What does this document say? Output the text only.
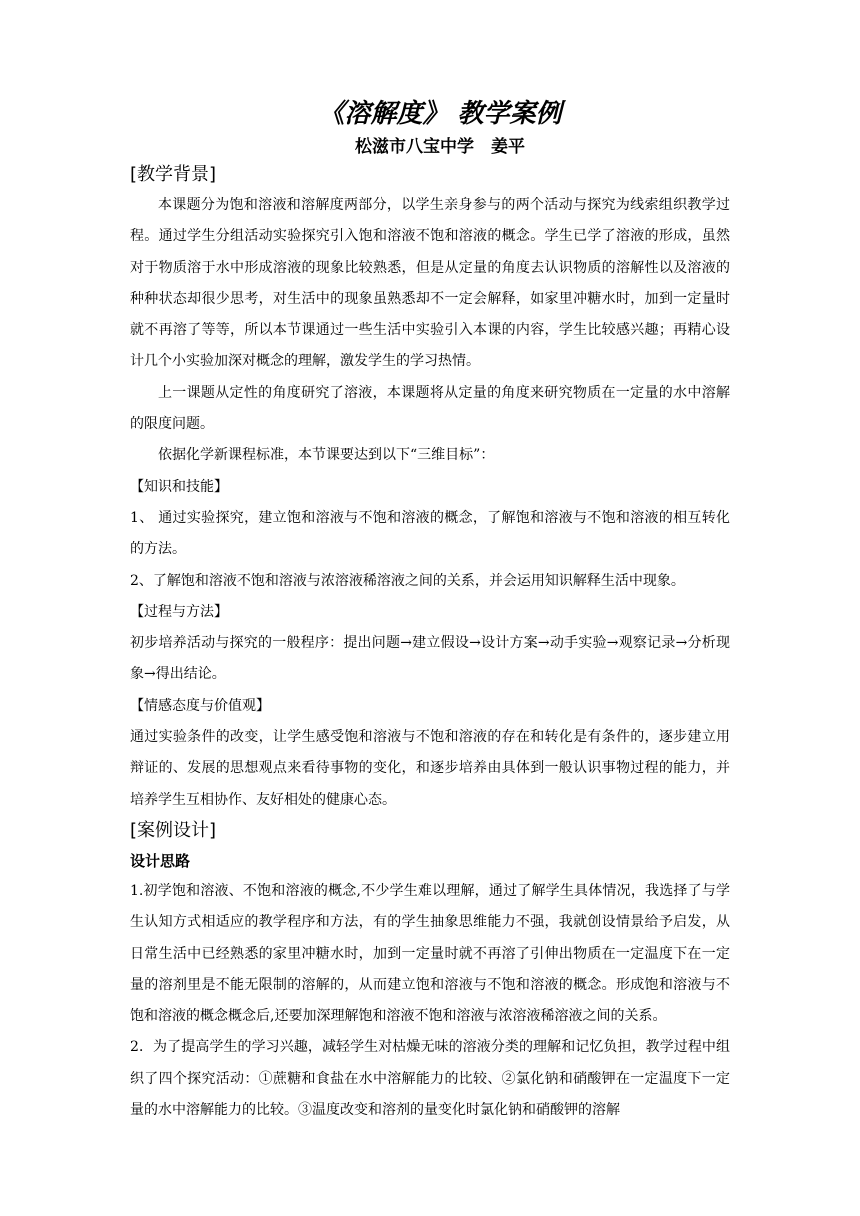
《溶解度》 教学案例
松滋市八宝中学　姜平
[教学背景]

本课题分为饱和溶液和溶解度两部分，以学生亲身参与的两个活动与探究为线索组织教学过程。通过学生分组活动实验探究引入饱和溶液不饱和溶液的概念。学生已学了溶液的形成，虽然对于物质溶于水中形成溶液的现象比较熟悉，但是从定量的角度去认识物质的溶解性以及溶液的种种状态却很少思考，对生活中的现象虽熟悉却不一定会解释，如家里冲糖水时，加到一定量时就不再溶了等等，所以本节课通过一些生活中实验引入本课的内容，学生比较感兴趣；再精心设计几个小实验加深对概念的理解，激发学生的学习热情。

上一课题从定性的角度研究了溶液，本课题将从定量的角度来研究物质在一定量的水中溶解的限度问题。

依据化学新课程标准，本节课要达到以下“三维目标”：

【知识和技能】

1、 通过实验探究，建立饱和溶液与不饱和溶液的概念，了解饱和溶液与不饱和溶液的相互转化的方法。

2、了解饱和溶液不饱和溶液与浓溶液稀溶液之间的关系，并会运用知识解释生活中现象。

【过程与方法】

初步培养活动与探究的一般程序：提出问题→建立假设→设计方案→动手实验→观察记录→分析现象→得出结论。

【情感态度与价值观】

通过实验条件的改变，让学生感受饱和溶液与不饱和溶液的存在和转化是有条件的，逐步建立用辩证的、发展的思想观点来看待事物的变化，和逐步培养由具体到一般认识事物过程的能力，并培养学生互相协作、友好相处的健康心态。

[案例设计]
设计思路

1.初学饱和溶液、不饱和溶液的概念,不少学生难以理解，通过了解学生具体情况，我选择了与学生认知方式相适应的教学程序和方法，有的学生抽象思维能力不强，我就创设情景给予启发，从日常生活中已经熟悉的家里冲糖水时，加到一定量时就不再溶了引伸出物质在一定温度下在一定量的溶剂里是不能无限制的溶解的，从而建立饱和溶液与不饱和溶液的概念。形成饱和溶液与不饱和溶液的概念概念后,还要加深理解饱和溶液不饱和溶液与浓溶液稀溶液之间的关系。

2．为了提高学生的学习兴趣，减轻学生对枯燥无味的溶液分类的理解和记忆负担，教学过程中组织了四个探究活动：①蔗糖和食盐在水中溶解能力的比较、②氯化钠和硝酸钾在一定温度下一定量的水中溶解能力的比较。③温度改变和溶剂的量变化时氯化钠和硝酸钾的溶解
